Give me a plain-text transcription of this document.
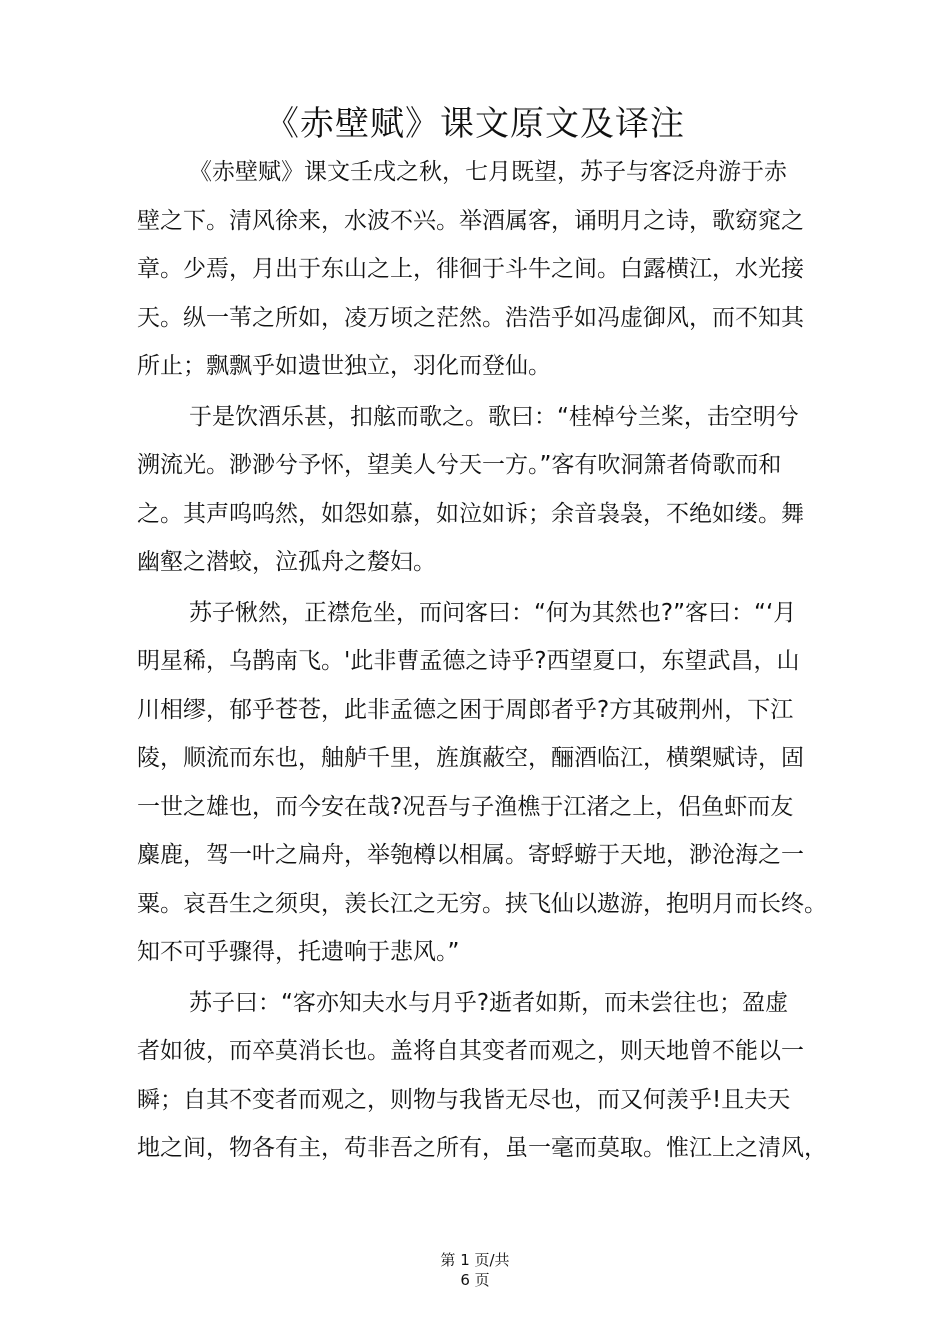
《赤壁赋》课文原文及译注
《赤壁赋》课文壬戌之秋，七月既望，苏子与客泛舟游于赤
壁之下。清风徐来，水波不兴。举酒属客，诵明月之诗，歌窈窕之
章。少焉，月出于东山之上，徘徊于斗牛之间。白露横江，水光接
天。纵一苇之所如，凌万顷之茫然。浩浩乎如冯虚御风，而不知其
所止；飘飘乎如遗世独立，羽化而登仙。
于是饮酒乐甚，扣舷而歌之。歌曰：“桂棹兮兰桨，击空明兮
溯流光。渺渺兮予怀，望美人兮天一方。”客有吹洞箫者倚歌而和
之。其声呜呜然，如怨如慕，如泣如诉；余音袅袅，不绝如缕。舞
幽壑之潜蛟，泣孤舟之嫠妇。
苏子愀然，正襟危坐，而问客曰：“何为其然也?”客曰：“‘月
明星稀，乌鹊南飞。'此非曹孟德之诗乎?西望夏口，东望武昌，山
川相缪，郁乎苍苍，此非孟德之困于周郎者乎?方其破荆州，下江
陵，顺流而东也，舳舻千里，旌旗蔽空，酾酒临江，横槊赋诗，固
一世之雄也，而今安在哉?况吾与子渔樵于江渚之上，侣鱼虾而友
麋鹿，驾一叶之扁舟，举匏樽以相属。寄蜉蝣于天地，渺沧海之一
粟。哀吾生之须臾，羡长江之无穷。挟飞仙以遨游，抱明月而长终。
知不可乎骤得，托遗响于悲风。”
苏子曰：“客亦知夫水与月乎?逝者如斯，而未尝往也；盈虚
者如彼，而卒莫消长也。盖将自其变者而观之，则天地曾不能以一
瞬；自其不变者而观之，则物与我皆无尽也，而又何羡乎!且夫天
地之间，物各有主，苟非吾之所有，虽一毫而莫取。惟江上之清风，
第 1 页/共
6 页
